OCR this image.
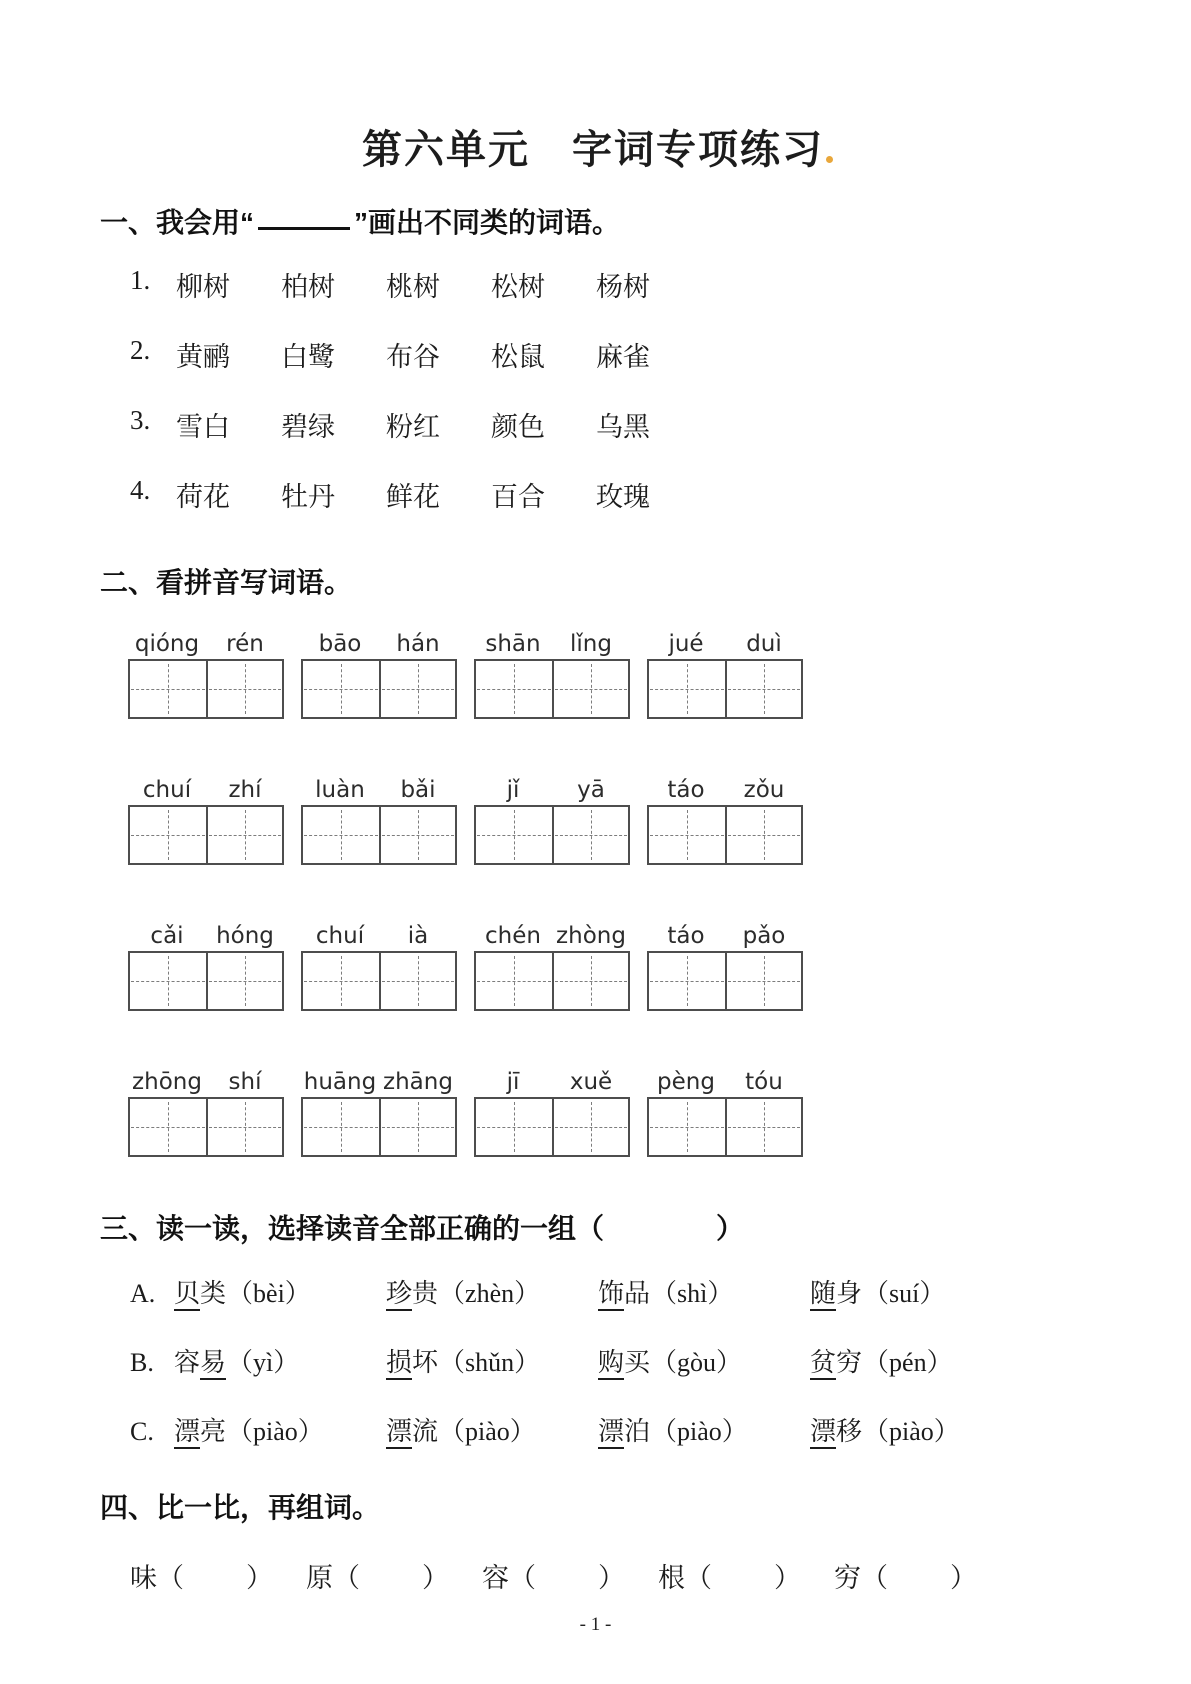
第六单元　字词专项练习
一、我会用“	”画出不同类的词语。
1. 柳树	柏树	桃树	松树	杨树
2. 黄鹂	白鹭	布谷	松鼠	麻雀
3. 雪白	碧绿	粉红	颜色	乌黑
4. 荷花	牡丹	鲜花	百合	玫瑰
二、看拼音写词语。
qióng	rén	bāo	hán	shān	lǐng	jué	duì
chuí	zhí	luàn	bǎi	jǐ	yā	táo	zǒu
cǎi	hóng	chuí	ià	chén zhòng	táo	pǎo
zhōng	shí	huāng zhāng	jī	xuě	pèng	tóu
三、读一读，选择读音全部正确的一组（	）
A. 贝类（bèi）	珍贵（zhèn）	饰品（shì）	随身（suí）
B. 容易（yì）	损坏（shǔn）	购买（gòu）	贫穷（pén）
C. 漂亮（piào）	漂流（piào）	漂泊（piào）	漂移（piào）
四、比一比，再组词。
味（ ）	原（ ）	容（ ）	根（ ）	穷（ ）
- 1 -
